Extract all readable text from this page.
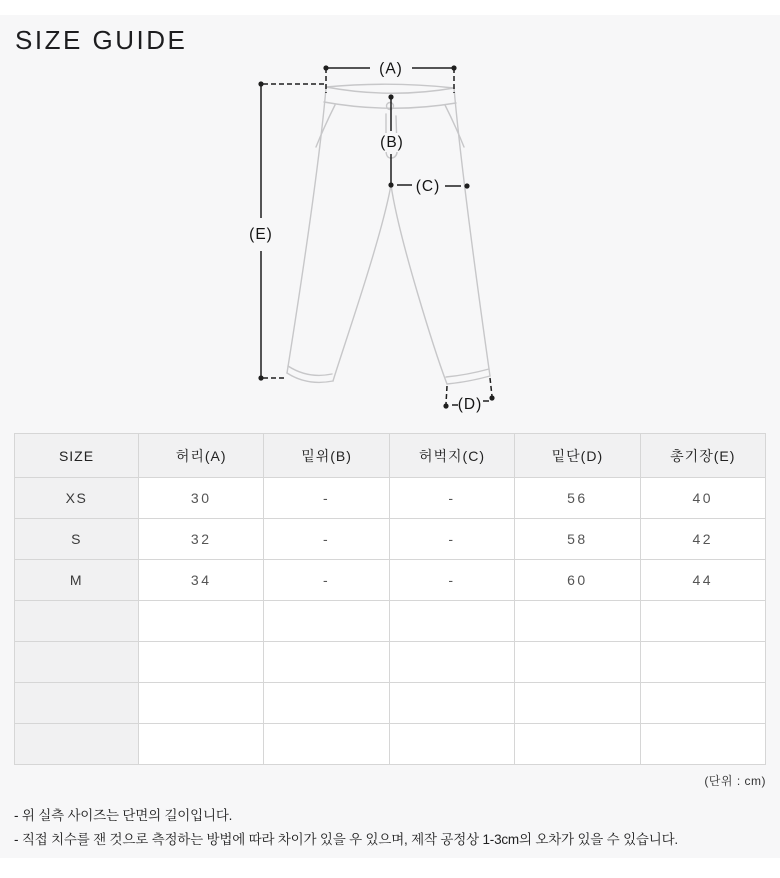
SIZE GUIDE
(A)
(B)
(C)
(D)
(E)
SIZE	허리(A)	밑위(B)	허벅지(C)	밑단(D)	총기장(E)
XS	30	-	-	56	40
S	32	-	-	58	42
M	34	-	-	60	44

(단위 : cm)
- 위 실측 사이즈는 단면의 길이입니다.
- 직접 치수를 잰 것으로 측정하는 방법에 따라 차이가 있을 우 있으며, 제작 공정상 1-3cm의 오차가 있을 수 있습니다.
